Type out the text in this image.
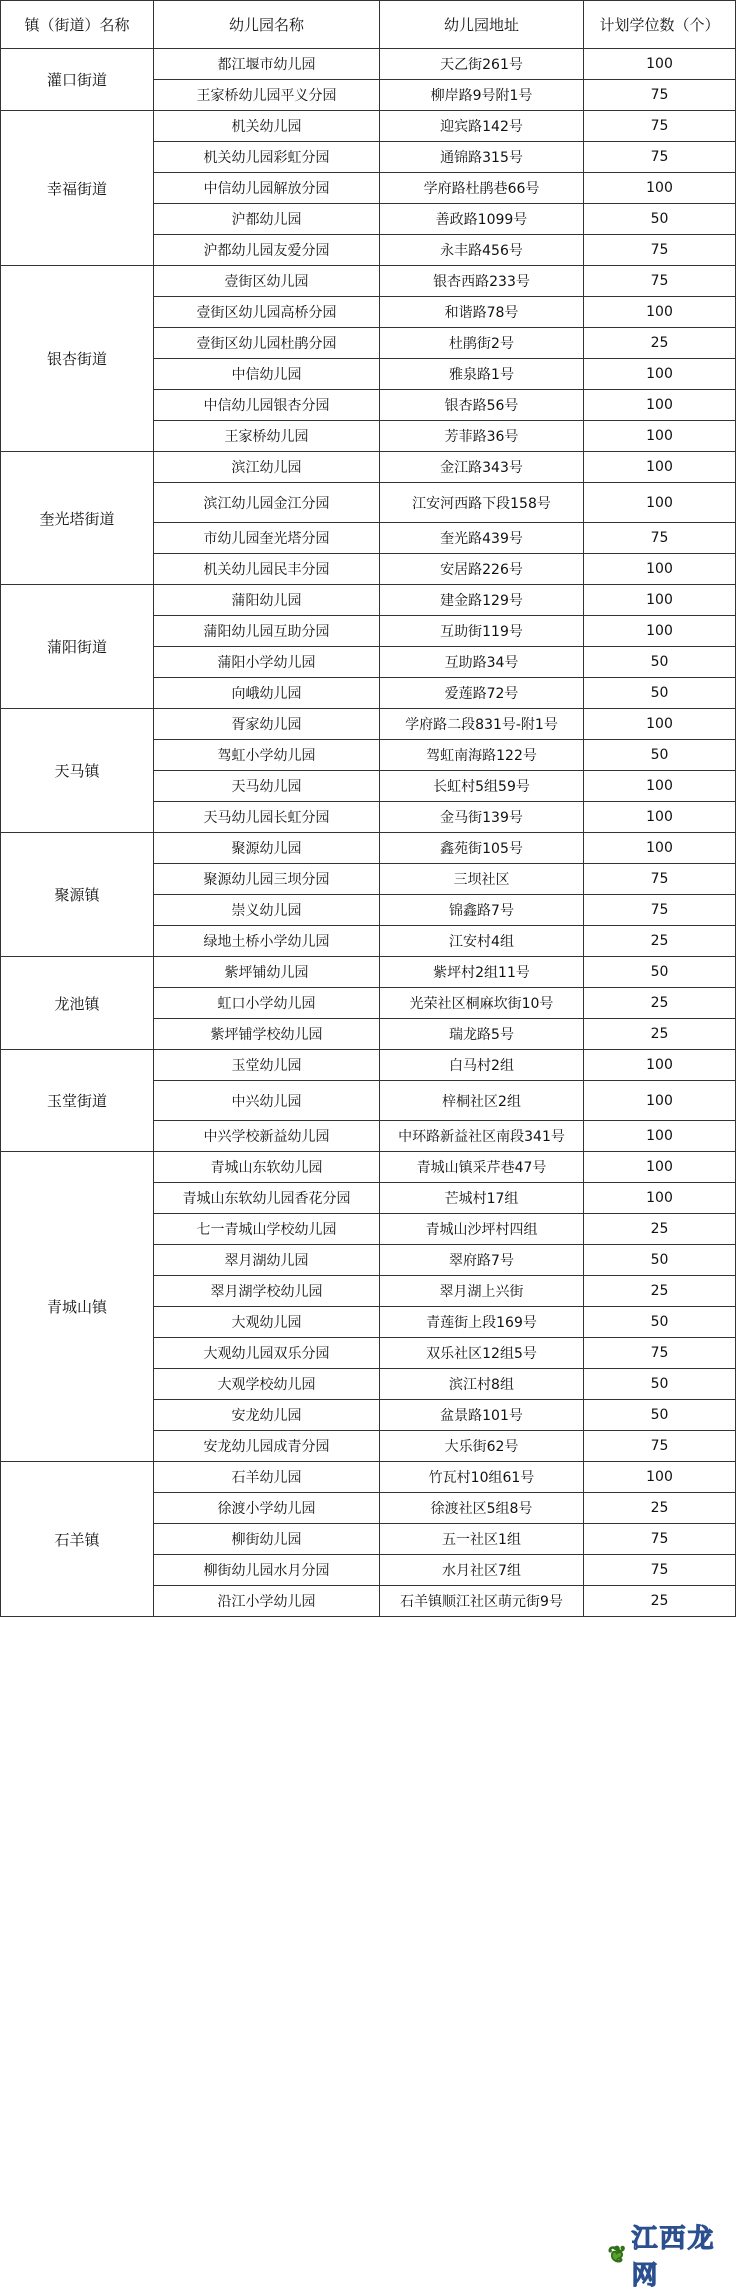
镇（街道）名称	幼儿园名称	幼儿园地址	计划学位数（个）
灌口街道	都江堰市幼儿园	天乙街261号	100
	王家桥幼儿园平义分园	柳岸路9号附1号	75
幸福街道	机关幼儿园	迎宾路142号	75
	机关幼儿园彩虹分园	通锦路315号	75
	中信幼儿园解放分园	学府路杜鹃巷66号	100
	沪都幼儿园	善政路1099号	50
	沪都幼儿园友爱分园	永丰路456号	75
银杏街道	壹街区幼儿园	银杏西路233号	75
	壹街区幼儿园高桥分园	和谐路78号	100
	壹街区幼儿园杜鹃分园	杜鹃街2号	25
	中信幼儿园	雅泉路1号	100
	中信幼儿园银杏分园	银杏路56号	100
	王家桥幼儿园	芳菲路36号	100
奎光塔街道	滨江幼儿园	金江路343号	100
	滨江幼儿园金江分园	江安河西路下段158号	100
	市幼儿园奎光塔分园	奎光路439号	75
	机关幼儿园民丰分园	安居路226号	100
蒲阳街道	蒲阳幼儿园	建金路129号	100
	蒲阳幼儿园互助分园	互助街119号	100
	蒲阳小学幼儿园	互助路34号	50
	向峨幼儿园	爱莲路72号	50
天马镇	胥家幼儿园	学府路二段831号-附1号	100
	驾虹小学幼儿园	驾虹南海路122号	50
	天马幼儿园	长虹村5组59号	100
	天马幼儿园长虹分园	金马街139号	100
聚源镇	聚源幼儿园	鑫苑街105号	100
	聚源幼儿园三坝分园	三坝社区	75
	崇义幼儿园	锦鑫路7号	75
	绿地土桥小学幼儿园	江安村4组	25
龙池镇	紫坪铺幼儿园	紫坪村2组11号	50
	虹口小学幼儿园	光荣社区桐麻坎街10号	25
	紫坪铺学校幼儿园	瑞龙路5号	25
玉堂街道	玉堂幼儿园	白马村2组	100
	中兴幼儿园	梓桐社区2组	100
	中兴学校新益幼儿园	中环路新益社区南段341号	100
青城山镇	青城山东软幼儿园	青城山镇采芹巷47号	100
	青城山东软幼儿园香花分园	芒城村17组	100
	七一青城山学校幼儿园	青城山沙坪村四组	25
	翠月湖幼儿园	翠府路7号	50
	翠月湖学校幼儿园	翠月湖上兴街	25
	大观幼儿园	青莲街上段169号	50
	大观幼儿园双乐分园	双乐社区12组5号	75
	大观学校幼儿园	滨江村8组	50
	安龙幼儿园	盆景路101号	50
	安龙幼儿园成青分园	大乐街62号	75
石羊镇	石羊幼儿园	竹瓦村10组61号	100
	徐渡小学幼儿园	徐渡社区5组8号	25
	柳街幼儿园	五一社区1组	75
	柳街幼儿园水月分园	水月社区7组	75
	沿江小学幼儿园	石羊镇顺江社区萌元街9号	25
❦
江西龙网
